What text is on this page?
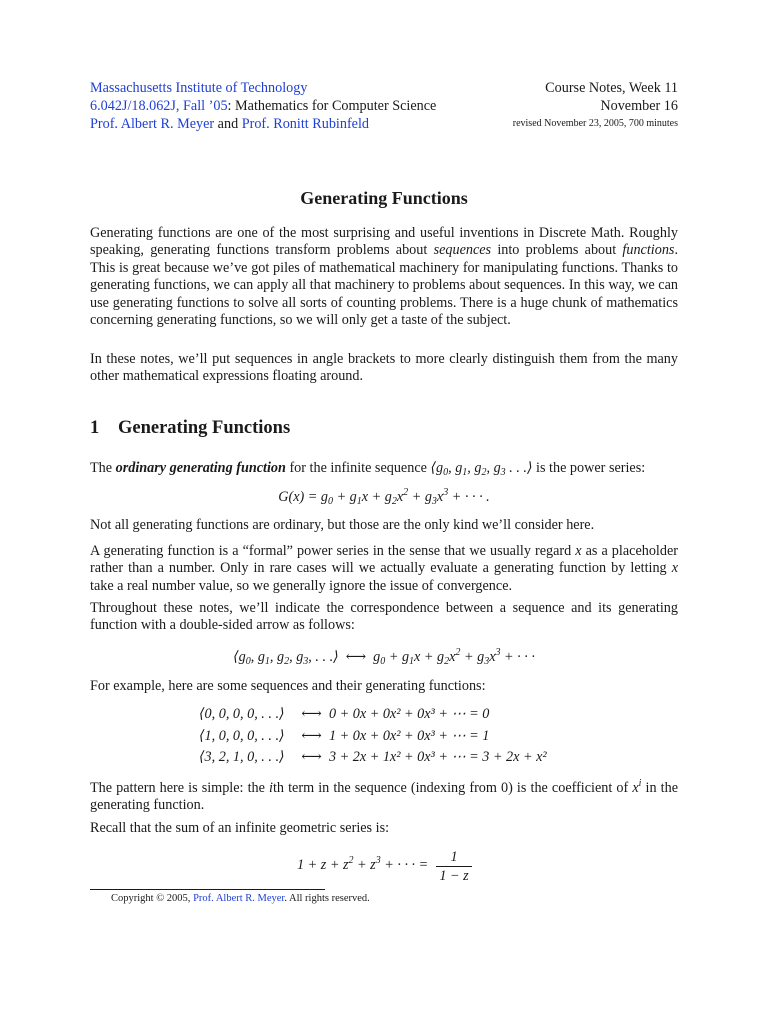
Massachusetts Institute of Technology
6.042J/18.062J, Fall ’05: Mathematics for Computer Science
Prof. Albert R. Meyer and Prof. Ronitt Rubinfeld
Course Notes, Week 11
November 16
revised November 23, 2005, 700 minutes
Generating Functions

Generating functions are one of the most surprising and useful inventions in Discrete Math. Roughly speaking, generating functions transform problems about sequences into problems about functions. This is great because we’ve got piles of mathematical machinery for manipulating functions. Thanks to generating functions, we can apply all that machinery to problems about sequences. In this way, we can use generating functions to solve all sorts of counting problems. There is a huge chunk of mathematics concerning generating functions, so we will only get a taste of the subject.

In these notes, we’ll put sequences in angle brackets to more clearly distinguish them from the many other mathematical expressions floating around.

1 Generating Functions

The ordinary generating function for the infinite sequence $⟨g_0$, $g_1$, $g_2$, $g_3$ . . .⟩ is the power series:

$G(x) = g_0 + g_1x + g_2x^2 + g_3x^3$ + · · · .

Not all generating functions are ordinary, but those are the only kind we’ll consider here.

A generating function is a “formal” power series in the sense that we usually regard x as a placeholder rather than a number. Only in rare cases will we actually evaluate a generating function by letting x take a real number value, so we generally ignore the issue of convergence.

Throughout these notes, we’ll indicate the correspondence between a sequence and its generating function with a double-sided arrow as follows:

$⟨g_0$, $g_1$, $g_2$, $g_3$, . . .⟩  ⟷  $g_0 + g_1x + g_2x^2 + g_3x^3$ + · · ·

For example, here are some sequences and their generating functions:

⟨0, 0, 0, 0, . . .⟩ ⟷ 0 + 0x + 0x² + 0x³ + ⋯ = 0
⟨1, 0, 0, 0, . . .⟩ ⟷ 1 + 0x + 0x² + 0x³ + ⋯ = 1
⟨3, 2, 1, 0, . . .⟩ ⟷ 3 + 2x + 1x² + 0x³ + ⋯ = 3 + 2x + x²

The pattern here is simple: the ith term in the sequence (indexing from 0) is the coefficient of $x^i$ in the generating function.

Recall that the sum of an infinite geometric series is:

$1 + z + z^2 + z^3$ + · · · = $\frac{1}{1 - z}$
Copyright © 2005, Prof. Albert R. Meyer. All rights reserved.
